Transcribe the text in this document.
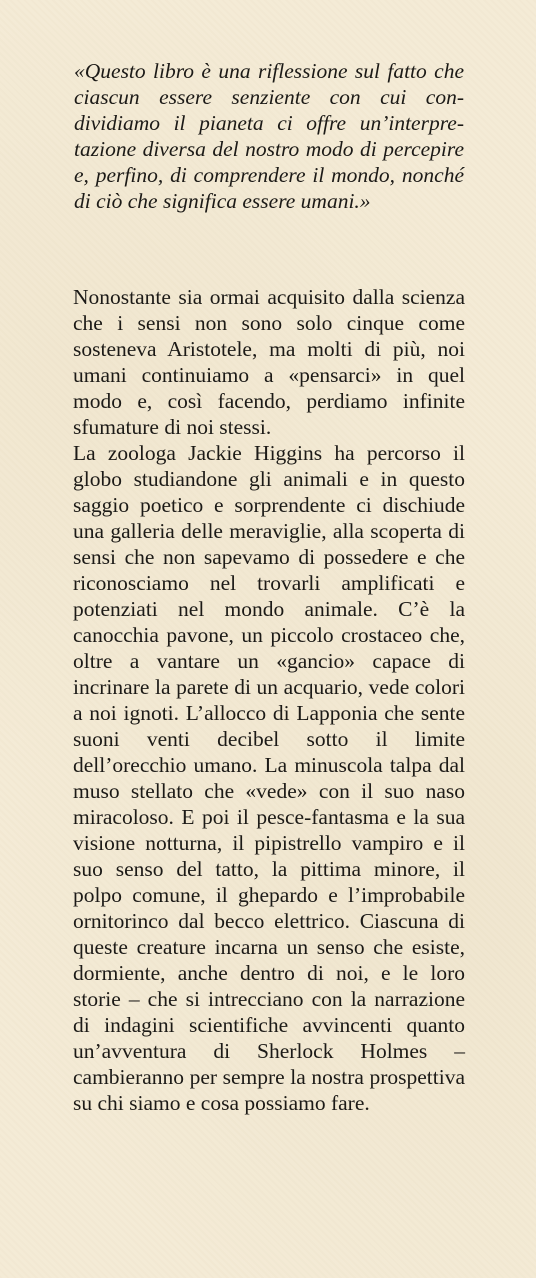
«Questo libro è una riflessione sul fatto che ciascun essere senziente con cui condividiamo il pianeta ci offre un’interpretazione diversa del nostro modo di percepire e, perfino, di comprendere il mondo, nonché di ciò che significa essere umani.»

Nonostante sia ormai acquisito dalla scienza che i sensi non sono solo cinque come sosteneva Aristotele, ma molti di più, noi umani continuiamo a «pensarci» in quel modo e, così facendo, perdiamo infinite sfumature di noi stessi.

La zoologa Jackie Higgins ha percorso il globo studiandone gli animali e in questo saggio poetico e sorprendente ci dischiude una galleria delle meraviglie, alla scoperta di sensi che non sapevamo di possedere e che riconosciamo nel trovarli amplificati e potenziati nel mondo animale. C’è la canocchia pavone, un piccolo crostaceo che, oltre a vantare un «gancio» capace di incrinare la parete di un acquario, vede colori a noi ignoti. L’allocco di Lapponia che sente suoni venti decibel sotto il limite dell’orecchio umano. La minuscola talpa dal muso stellato che «vede» con il suo naso miracoloso. E poi il pesce-fantasma e la sua visione notturna, il pipistrello vampiro e il suo senso del tatto, la pittima minore, il polpo comune, il ghepardo e l’improbabile ornitorinco dal becco elettrico. Ciascuna di queste creature incarna un senso che esiste, dormiente, anche dentro di noi, e le loro storie – che si intrecciano con la narrazione di indagini scientifiche avvincenti quanto un’avventura di Sherlock Holmes – cambieranno per sempre la nostra prospettiva su chi siamo e cosa possiamo fare.
